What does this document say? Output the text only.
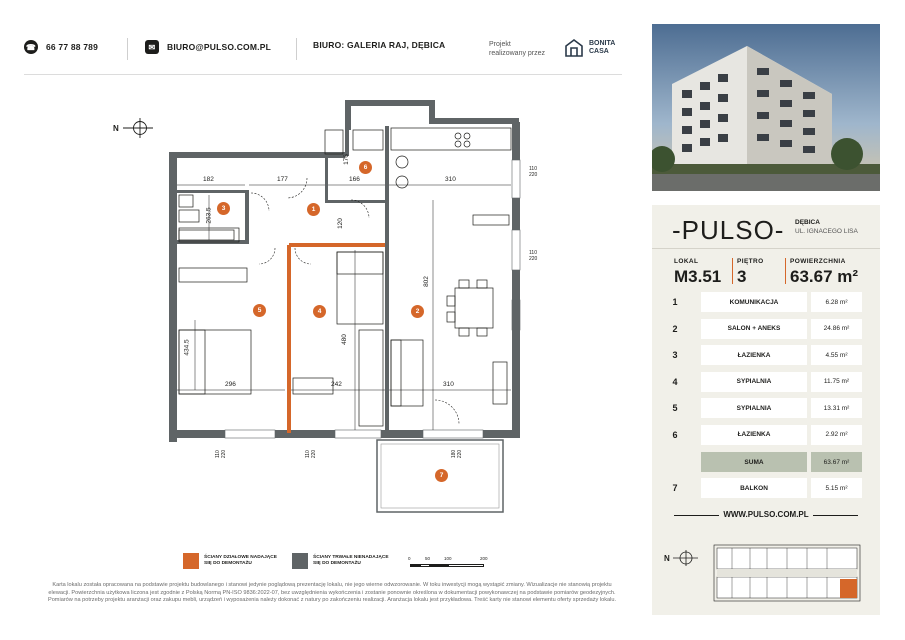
☎ 66 77 88 789	✉	BIURO@PULSO.COM.PL	BIURO: GALERIA RAJ, DĘBICA	Projekt
realizowany przez
BONITA
CASA
-PULSO- DĘBICA
UL. IGNACEGO LISA
LOKAL
M3.51
PIĘTRO
3
POWIERZCHNIA
63.67 m²
1	KOMUNIKACJA	6.28 m²
2	SALON + ANEKS	24.86 m²
3	ŁAZIENKA	4.55 m²
4	SYPIALNIA	11.75 m²
5	SYPIALNIA	13.31 m²
6	ŁAZIENKA	2.92 m²
SUMA	63.67 m²
7	BALKON	5.15 m²
WWW.PULSO.COM.PL
N
N
182	177
176
166	310
263.5	120
802
480
434.5
296	242	310
110
220
110
220
110 220	110 220	180 220
1
2
3
4
5
6
7
ŚCIANY DZIAŁOWE NADAJĄCE SIĘ DO DEMONTAŻU
ŚCIANY TRWAŁE NIENADAJĄCE SIĘ DO DEMONTAŻU
0	50	100	200
Karta lokalu została opracowana na podstawie projektu budowlanego i stanowi jedynie poglądową prezentację lokalu, nie jego wierne odwzorowanie. W toku inwestycji mogą wystąpić zmiany. Wizualizacje nie stanowią projektu elewacji. Powierzchnia użytkowa liczona jest zgodnie z Polską Normą PN-ISO 9836:2022-07, bez uwzględnienia wykończenia i zostanie ponownie określona w dokumentacji powykonawczej na podstawie pomiarów geodezyjnych. Pomiarów na potrzeby projektu aranżacji oraz zakupu mebli, urządzeń i wyposażenia należy dokonać z natury po zakończeniu realizacji. Aranżacja lokalu jest przykładowa. Treść karty nie stanowi elementu oferty sprzedaży lokalu.
